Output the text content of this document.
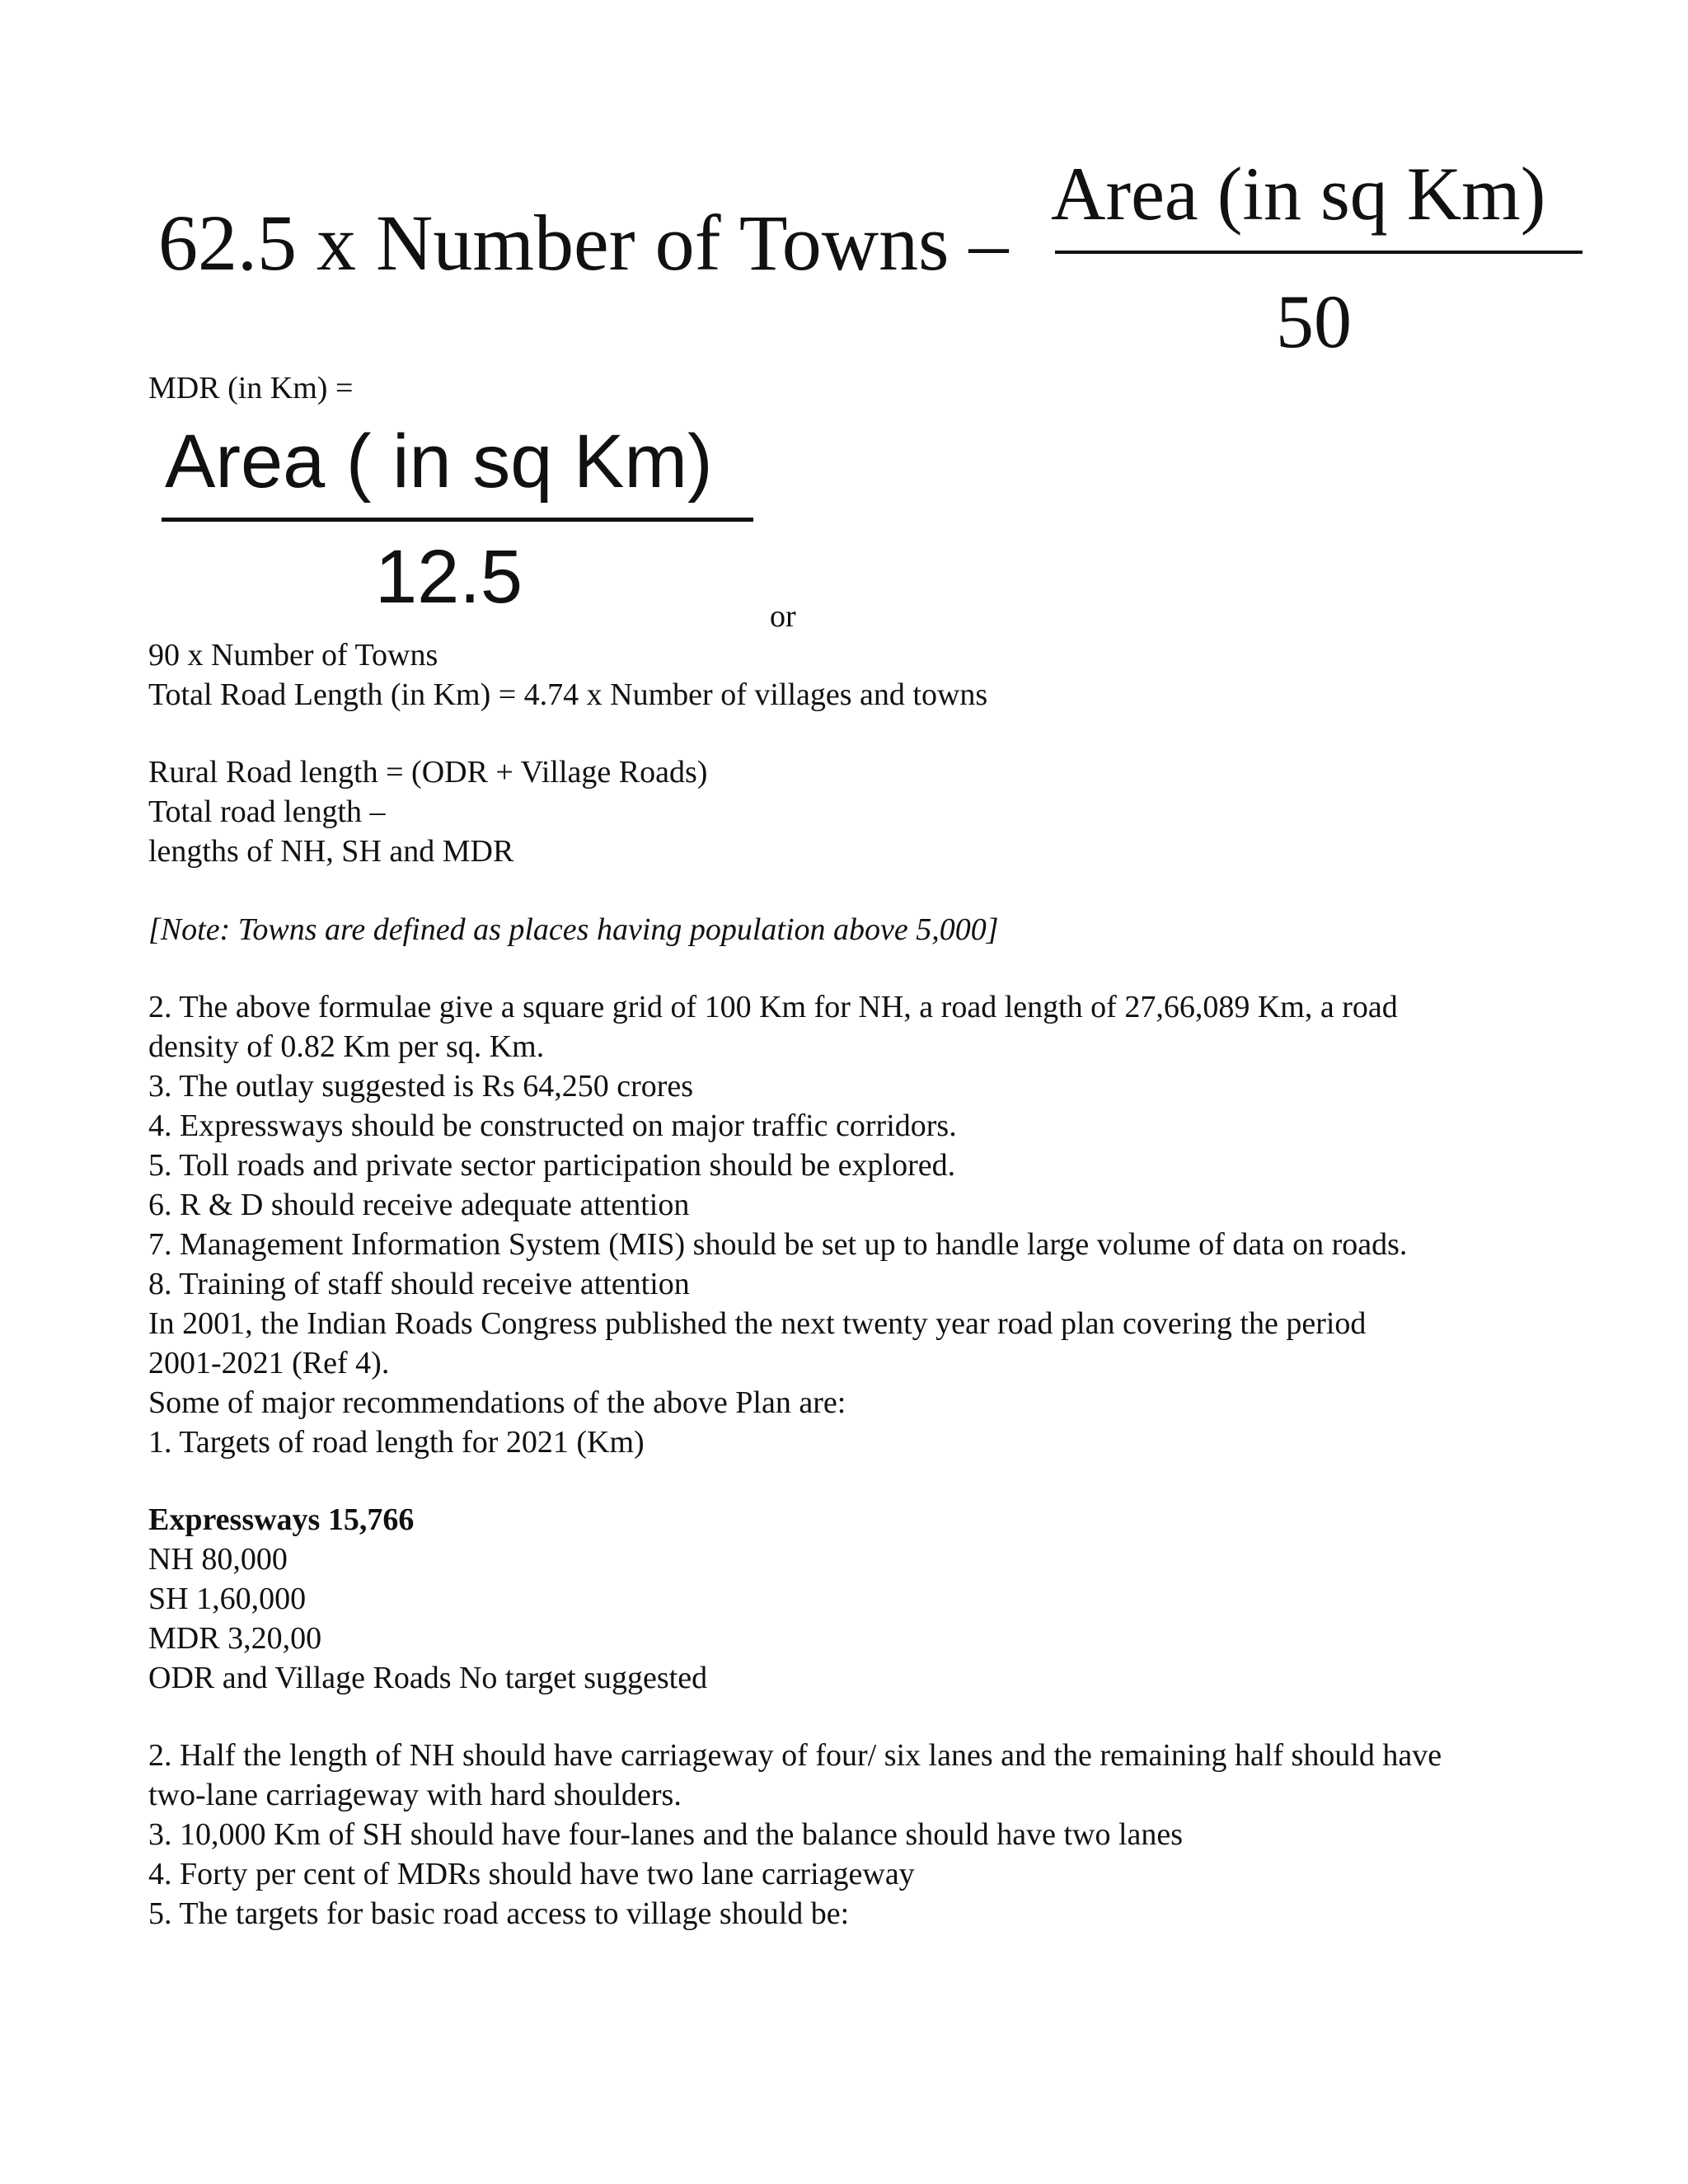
62.5 x Number of Towns –
Area (in sq Km)
50
MDR (in Km) =
Area ( in sq Km)
12.5	or
90 x Number of Towns
Total Road Length (in Km) = 4.74 x Number of villages and towns
Rural Road length = (ODR + Village Roads)
Total road length –
lengths of NH, SH and MDR
[Note: Towns are defined as places having population above 5,000]
2. The above formulae give a square grid of 100 Km for NH, a road length of 27,66,089 Km, a road
density of 0.82 Km per sq. Km.
3. The outlay suggested is Rs 64,250 crores
4. Expressways should be constructed on major traffic corridors.
5. Toll roads and private sector participation should be explored.
6. R & D should receive adequate attention
7. Management Information System (MIS) should be set up to handle large volume of data on roads.
8. Training of staff should receive attention
In 2001, the Indian Roads Congress published the next twenty year road plan covering the period
2001-2021 (Ref 4).
Some of major recommendations of the above Plan are:
1. Targets of road length for 2021 (Km)
Expressways 15,766
NH 80,000
SH 1,60,000
MDR 3,20,00
ODR and Village Roads No target suggested
2. Half the length of NH should have carriageway of four/ six lanes and the remaining half should have
two-lane carriageway with hard shoulders.
3. 10,000 Km of SH should have four-lanes and the balance should have two lanes
4. Forty per cent of MDRs should have two lane carriageway
5. The targets for basic road access to village should be:
